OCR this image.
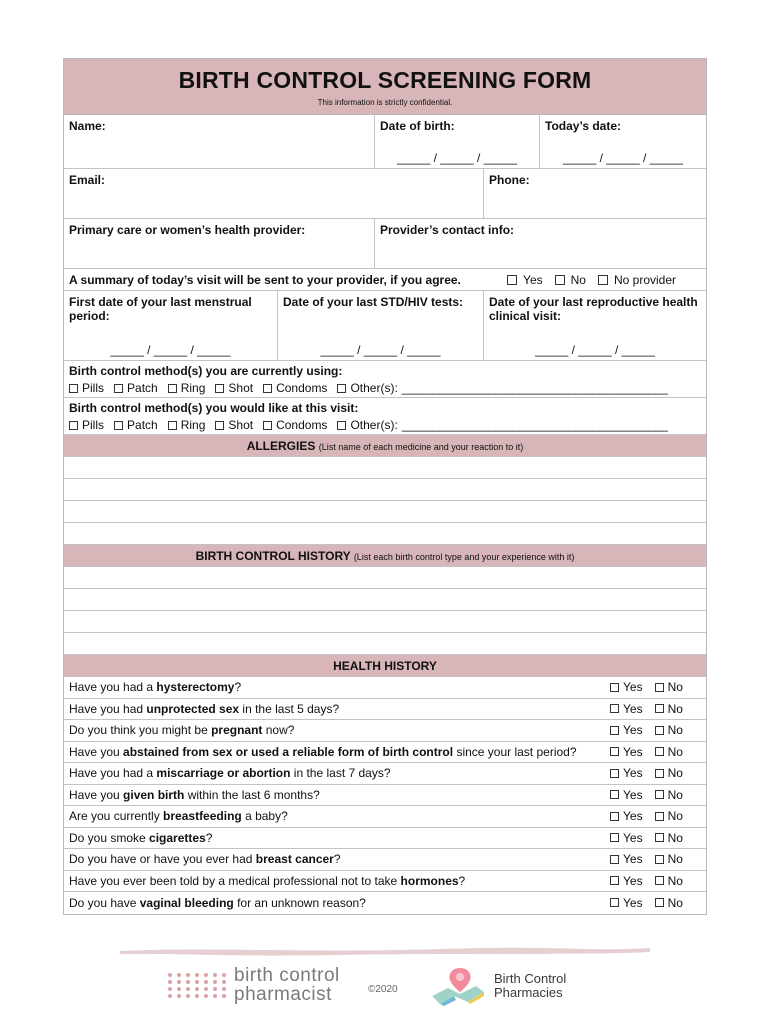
BIRTH CONTROL SCREENING FORM
This information is strictly confidential.
Name:	Date of birth:
_____ / _____ / _____
Today’s date:
_____ / _____ / _____
Email:	Phone:
Primary care or women’s health provider:	Provider’s contact info:
A summary of today’s visit will be sent to your provider, if you agree.	Yes No No provider
First date of your last menstrual period:
_____ / _____ / _____
Date of your last STD/HIV tests:
_____ / _____ / _____
Date of your last reproductive health clinical visit:
_____ / _____ / _____
Birth control method(s) you are currently using:
Pills Patch Ring Shot Condoms Other(s): ___________________________________________
Birth control method(s) you would like at this visit:
Pills Patch Ring Shot Condoms Other(s): ___________________________________________
ALLERGIES (List name of each medicine and your reaction to it)
BIRTH CONTROL HISTORY (List each birth control type and your experience with it)
HEALTH HISTORY
Have you had a hysterectomy?	Yes No
Have you had unprotected sex in the last 5 days?	Yes No
Do you think you might be pregnant now?	Yes No
Have you abstained from sex or used a reliable form of birth control since your last period?	Yes No
Have you had a miscarriage or abortion in the last 7 days?	Yes No
Have you given birth within the last 6 months?	Yes No
Are you currently breastfeeding a baby?	Yes No
Do you smoke cigarettes?	Yes No
Do you have or have you ever had breast cancer?	Yes No
Have you ever been told by a medical professional not to take hormones?	Yes No
Do you have vaginal bleeding for an unknown reason?	Yes No
birth control
pharmacist	©2020
Birth Control
Pharmacies
